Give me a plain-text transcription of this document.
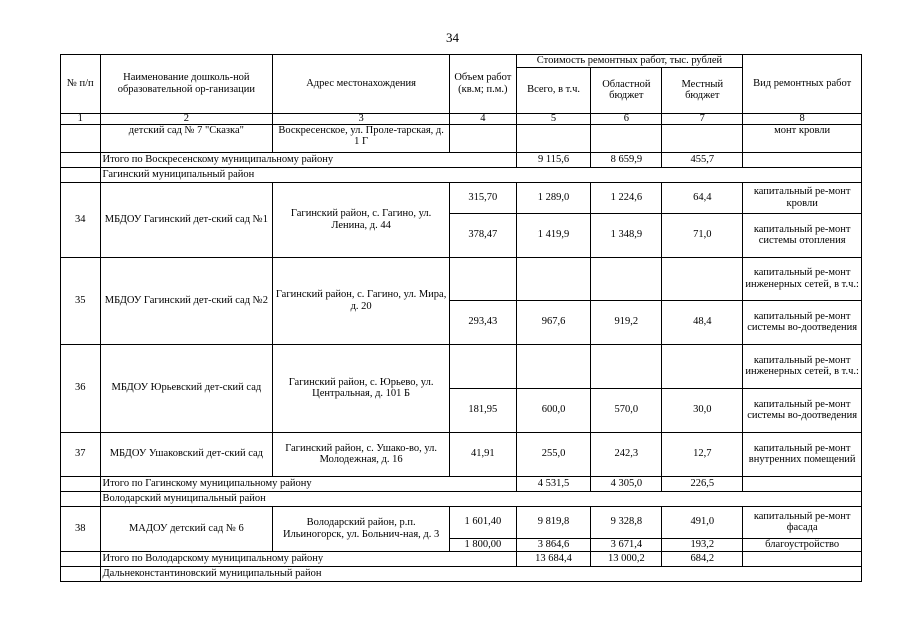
34
№ п/п	Наименование дошколь-ной образовательной ор-ганизации	Адрес местонахождения	Объем работ (кв.м; п.м.)	Стоимость ремонтных работ, тыс. рублей			Вид ремонтных работ
				Всего, в т.ч.	Областной бюджет	Местный бюджет	
1	2	3	4	5	6	7	8
	детский сад № 7 "Сказка"	Воскресенское, ул. Проле-тарская, д. 1 Г					монт кровли
	Итого по Воскресенскому муниципальному району			9 115,6	8 659,9	455,7	
	Гагинский муниципальный район						
34	МБДОУ Гагинский дет-ский сад №1	Гагинский район, с. Гагино, ул. Ленина, д. 44	315,70	1 289,0	1 224,6	64,4	капитальный ре-монт кровли
			378,47	1 419,9	1 348,9	71,0	капитальный ре-монт системы отопления
35	МБДОУ Гагинский дет-ский сад №2	Гагинский район, с. Гагино, ул. Мира, д. 20					капитальный ре-монт инженерных сетей, в т.ч.:
			293,43	967,6	919,2	48,4	капитальный ре-монт системы во-доотведения
36	МБДОУ Юрьевский дет-ский сад	Гагинский район, с. Юрьево, ул. Центральная, д. 101 Б					капитальный ре-монт инженерных сетей, в т.ч.:
			181,95	600,0	570,0	30,0	капитальный ре-монт системы во-доотведения
37	МБДОУ Ушаковский дет-ский сад	Гагинский район, с. Ушако-во, ул. Молодежная, д. 16	41,91	255,0	242,3	12,7	капитальный ре-монт внутренних помещений
	Итого по Гагинскому муниципальному району			4 531,5	4 305,0	226,5	
	Володарский муниципальный район						
38	МАДОУ детский сад № 6	Володарский район, р.п. Ильиногорск, ул. Больнич-ная, д. 3	1 601,40	9 819,8	9 328,8	491,0	капитальный ре-монт фасада
			1 800,00	3 864,6	3 671,4	193,2	благоустройство
	Итого по Володарскому муниципальному району			13 684,4	13 000,2	684,2	
	Дальнеконстантиновский муниципальный район						
